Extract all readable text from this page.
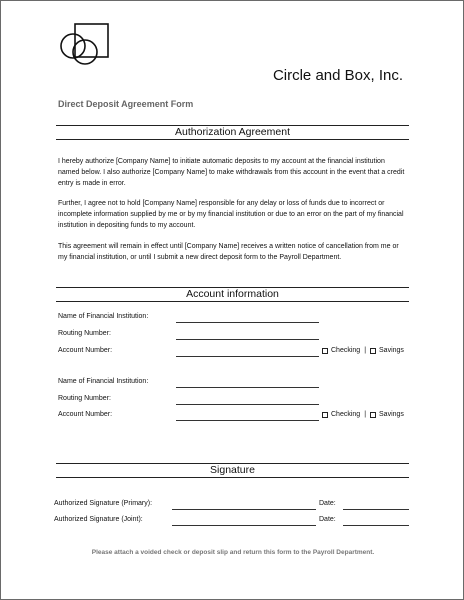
Circle and Box, Inc.
Direct Deposit Agreement Form
Authorization Agreement
I hereby authorize [Company Name] to initiate automatic deposits to my account at the financial institution named below. I also authorize [Company Name] to make withdrawals from this account in the event that a credit entry is made in error.
Further, I agree not to hold [Company Name] responsible for any delay or loss of funds due to incorrect or incomplete information supplied by me or by my financial institution or due to an error on the part of my financial institution in depositing funds to my account.
This agreement will remain in effect until [Company Name] receives a written notice of cancellation from me or my financial institution, or until I submit a new direct deposit form to the Payroll Department.
Account information
Name of Financial Institution:
Routing Number:
Account Number:	Checking | Savings
Name of Financial Institution:
Routing Number:
Account Number:	Checking | Savings
Signature
Authorized Signature (Primary):	Date:
Authorized Signature (Joint):	Date:
Please attach a voided check or deposit slip and return this form to the Payroll Department.
